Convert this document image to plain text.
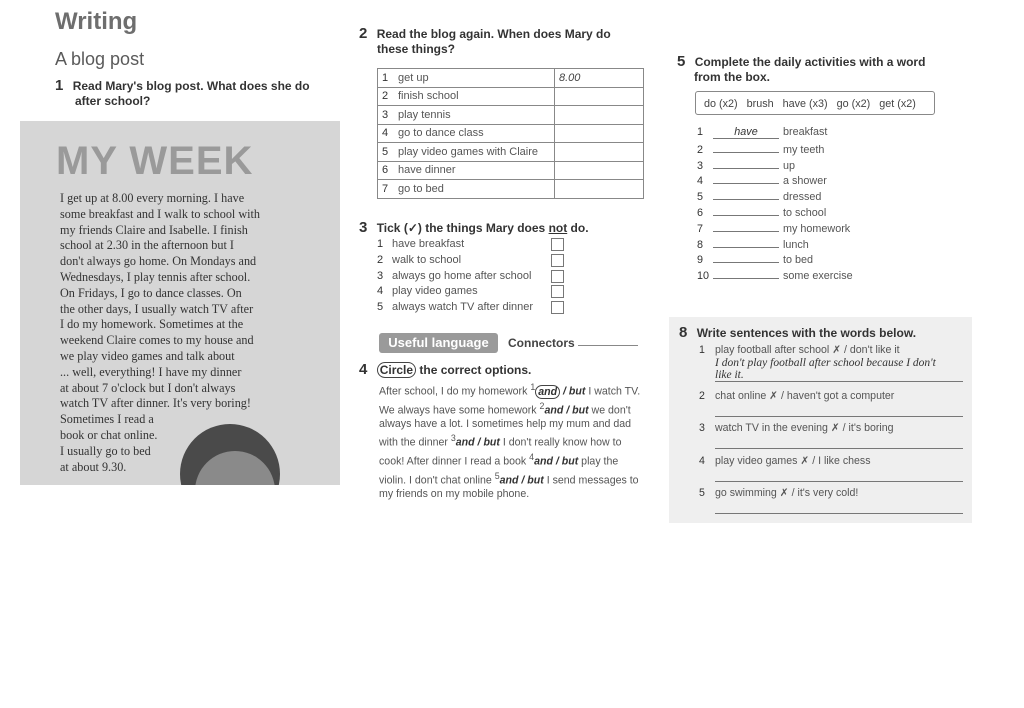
Writing
A blog post
1 Read Mary's blog post. What does she do
after school?
MY WEEK
I get up at 8.00 every morning. I have
some breakfast and I walk to school with
my friends Claire and Isabelle. I finish
school at 2.30 in the afternoon but I
don't always go home. On Mondays and
Wednesdays, I play tennis after school.
On Fridays, I go to dance classes. On
the other days, I usually watch TV after
I do my homework. Sometimes at the
weekend Claire comes to my house and
we play video games and talk about
... well, everything! I have my dinner
at about 7 o'clock but I don't always
watch TV after dinner. It's very boring!
Sometimes I read a
book or chat online.
I usually go to bed
at about 9.30.
2 Read the blog again. When does Mary do
these things?
1	get up	8.00
2	finish school	
3	play tennis	
4	go to dance class	
5	play video games with Claire	
6	have dinner	
7	go to bed	
3 Tick (✓) the things Mary does not do.
1 have breakfast
2 walk to school
3 always go home after school
4 play video games
5 always watch TV after dinner
Useful language	Connectors
4 Circle the correct options.
After school, I do my homework $^1$ and / but I watch TV. We always have some homework $^2$and / but we don't always have a lot. I sometimes help my mum and dad with the dinner $^3$and / but I don't really know how to cook! After dinner I read a book $^4$and / but play the violin. I don't chat online $^5$and / but I send messages to my friends on my mobile phone.
5 Complete the daily activities with a word
from the box.
do (x2)   brush   have (x3)   go (x2)   get (x2)
1	have breakfast
2	my teeth
3	up
4	a shower
5	dressed
6	to school
7	my homework
8	lunch
9	to bed
10	some exercise
8 Write sentences with the words below.
1 play football after school ✗ / don't like it
I don't play football after school because I don't
like it.
2 chat online ✗ / haven't got a computer
3 watch TV in the evening ✗ / it's boring
4 play video games ✗ / I like chess
5 go swimming ✗ / it's very cold!
